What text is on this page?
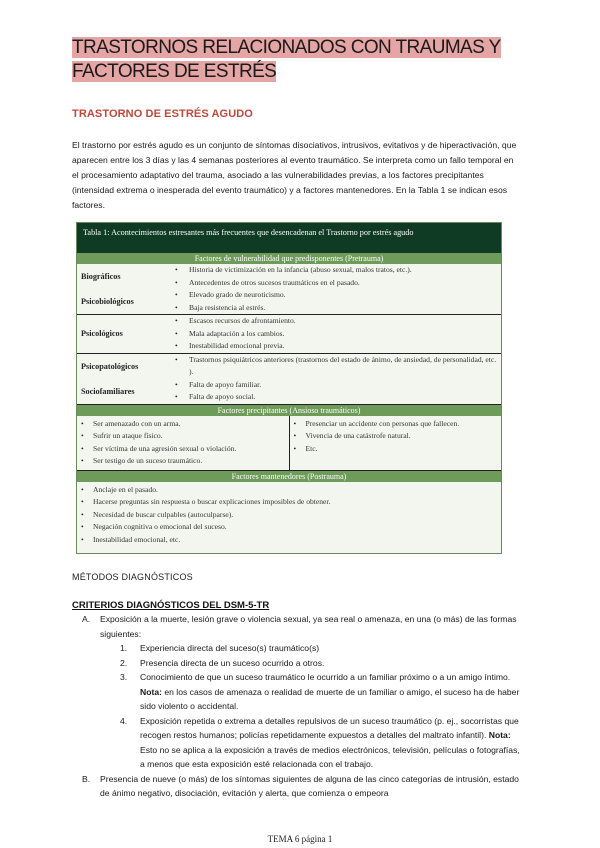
TRASTORNOS RELACIONADOS CON TRAUMAS Y FACTORES DE ESTRÉS
TRASTORNO DE ESTRÉS AGUDO

El trastorno por estrés agudo es un conjunto de síntomas disociativos, intrusivos, evitativos y de hiperactivación, que aparecen entre los 3 días y las 4 semanas posteriores al evento traumático. Se interpreta como un fallo temporal en el procesamiento adaptativo del trauma, asociado a las vulnerabilidades previas, a los factores precipitantes (intensidad extrema o inesperada del evento traumático) y a factores mantenedores. En la Tabla 1 se indican esos factores.

Tabla 1: Acontecimientos estresantes más frecuentes que desencadenan el Trastorno por estrés agudo
Factores de vulnerabilidad que predisponentes (Pretrauma)
Biográficos
• Historia de victimización en la infancia (abuso sexual, malos tratos, etc.).
• Antecedentes de otros sucesos traumáticos en el pasado.
Psicobiológicos
• Elevado grado de neuroticismo.
• Baja resistencia al estrés.
Psicológicos
• Escasos recursos de afrontamiento.
• Mala adaptación a los cambios.
• Inestabilidad emocional previa.
Psicopatológicos
• Trastornos psiquiátricos anteriores (trastornos del estado de ánimo, de ansiedad, de personalidad, etc. ).
Sociofamiliares
• Falta de apoyo familiar.
• Falta de apoyo social.
Factores precipitantes (Ansioso traumáticos)
• Ser amenazado con un arma.
• Sufrir un ataque físico.
• Ser víctima de una agresión sexual o violación.
• Ser testigo de un suceso traumático.
• Presenciar un accidente con personas que fallecen.
• Vivencia de una catástrofe natural.
• Etc.
Factores mantenedores (Postrauma)
• Anclaje en el pasado.
• Hacerse preguntas sin respuesta o buscar explicaciones imposibles de obtener.
• Necesidad de buscar culpables (autoculparse).
• Negación cognitiva o emocional del suceso.
• Inestabilidad emocional, etc.
MÉTODOS DIAGNÓSTICOS
CRITERIOS DIAGNÓSTICOS DEL DSM-5-TR
A. Exposición a la muerte, lesión grave o violencia sexual, ya sea real o amenaza, en una (o más) de las formas siguientes:
1. Experiencia directa del suceso(s) traumático(s)
2. Presencia directa de un suceso ocurrido a otros.
3. Conocimiento de que un suceso traumático le ocurrido a un familiar próximo o a un amigo íntimo. Nota: en los casos de amenaza o realidad de muerte de un familiar o amigo, el suceso ha de haber sido violento o accidental.
4. Exposición repetida o extrema a detalles repulsivos de un suceso traumático (p. ej., socorristas que recogen restos humanos; policías repetidamente expuestos a detalles del maltrato infantil). Nota: Esto no se aplica a la exposición a través de medios electrónicos, televisión, películas o fotografías, a menos que esta exposición esté relacionada con el trabajo.
B. Presencia de nueve (o más) de los síntomas siguientes de alguna de las cinco categorías de intrusión, estado de ánimo negativo, disociación, evitación y alerta, que comienza o empeora
TEMA 6 página 1
